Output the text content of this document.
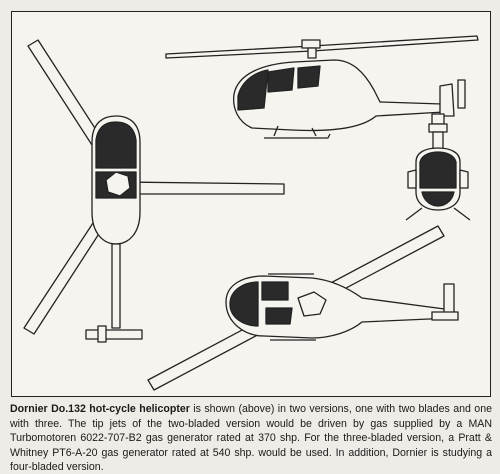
Dornier Do.132 hot-cycle helicopter is shown (above) in two versions, one with two blades and one with three. The tip jets of the two-bladed version would be driven by gas supplied by a MAN Turbomotoren 6022-707-B2 gas generator rated at 370 shp. For the three-bladed version, a Pratt & Whitney PT6-A-20 gas generator rated at 540 shp. would be used. In addition, Dornier is studying a four-bladed version.
